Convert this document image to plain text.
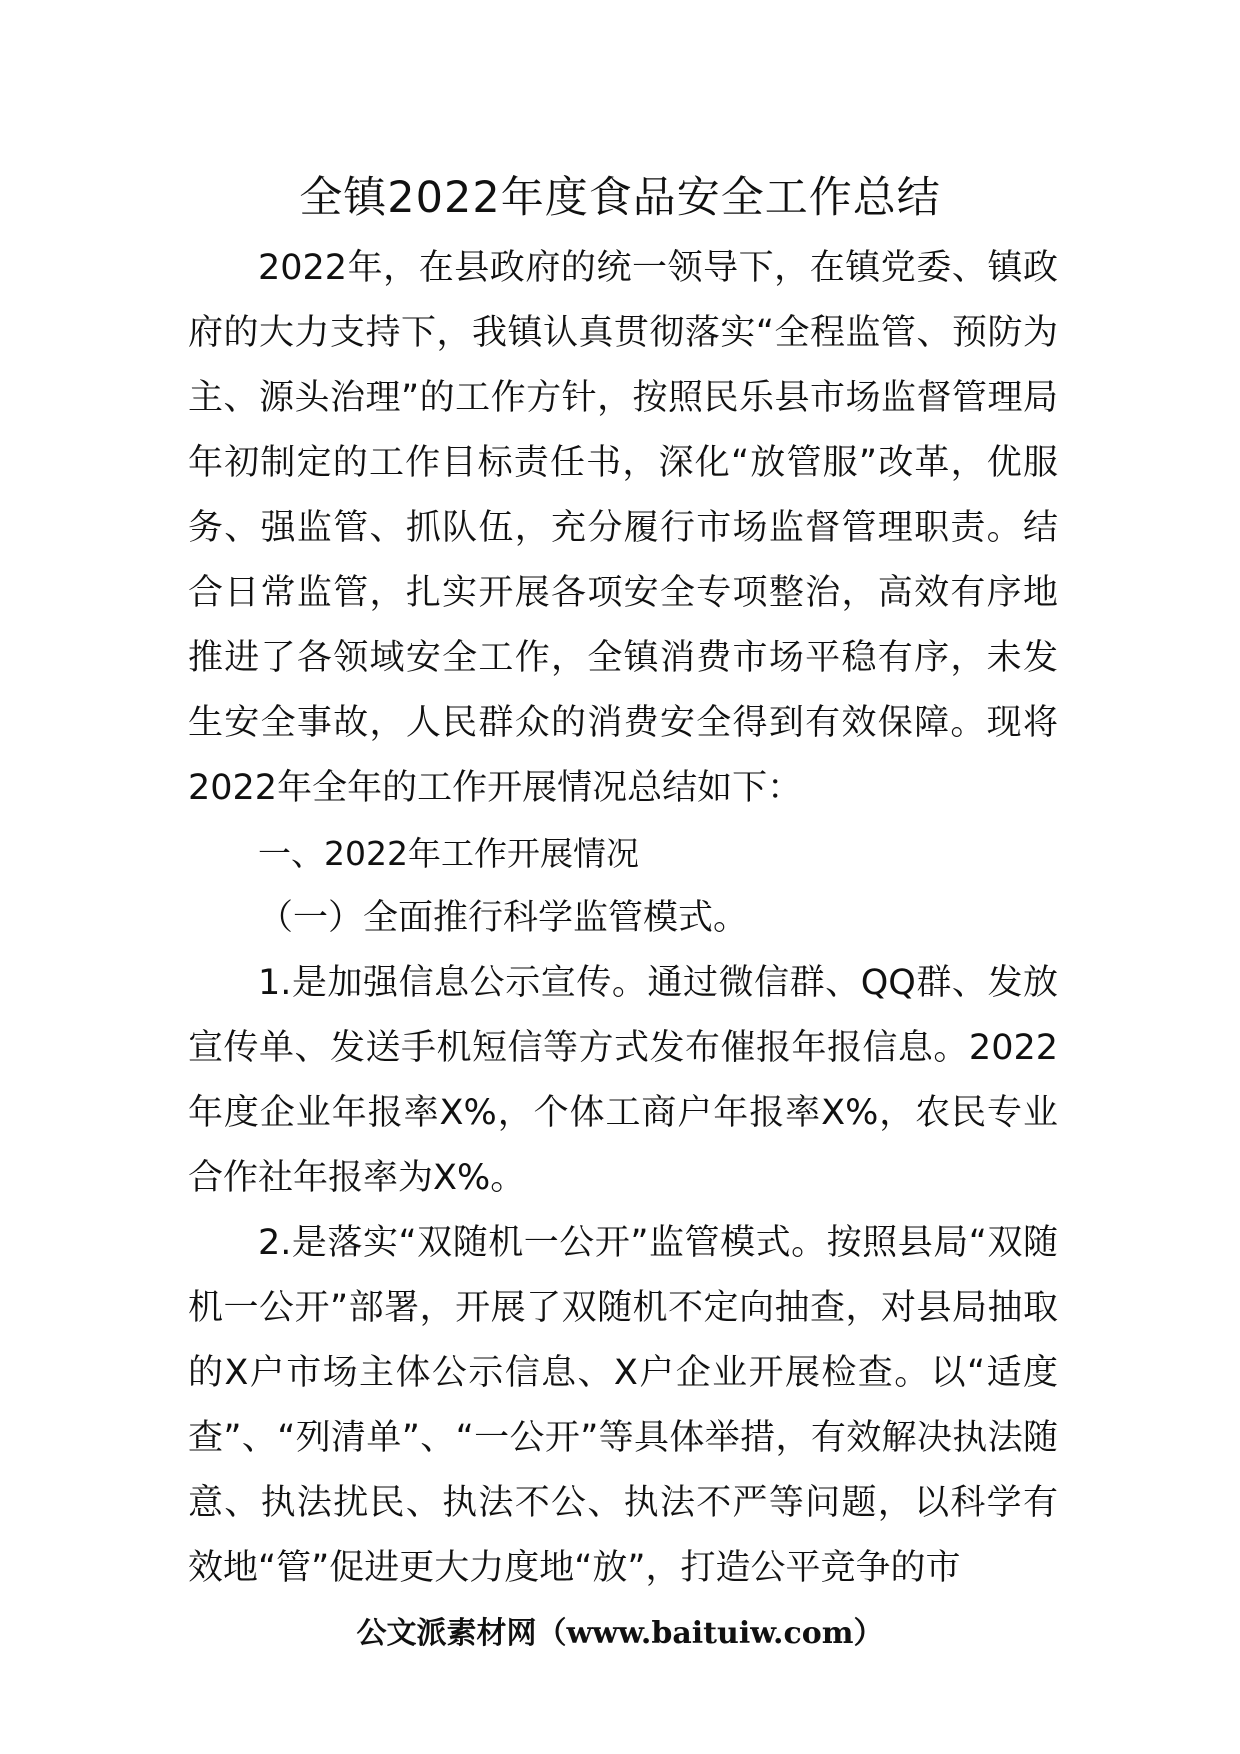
全镇2022年度食品安全工作总结

2022年，在县政府的统一领导下，在镇党委、镇政府的大力支持下，我镇认真贯彻落实“全程监管、预防为主、源头治理”的工作方针，按照民乐县市场监督管理局年初制定的工作目标责任书，深化“放管服”改革，优服务、强监管、抓队伍，充分履行市场监督管理职责。结合日常监管，扎实开展各项安全专项整治，高效有序地推进了各领域安全工作，全镇消费市场平稳有序，未发生安全事故，人民群众的消费安全得到有效保障。现将2022年全年的工作开展情况总结如下：

一、2022年工作开展情况

（一）全面推行科学监管模式。

1.是加强信息公示宣传。通过微信群、QQ群、发放宣传单、发送手机短信等方式发布催报年报信息。2022年度企业年报率X%，个体工商户年报率X%，农民专业合作社年报率为X%。

2.是落实“双随机一公开”监管模式。按照县局“双随机一公开”部署，开展了双随机不定向抽查，对县局抽取的X户市场主体公示信息、X户企业开展检查。以“适度查”、“列清单”、“一公开”等具体举措，有效解决执法随意、执法扰民、执法不公、执法不严等问题，以科学有效地“管”促进更大力度地“放”，打造公平竞争的市

公文派素材网（www.baituiw.com）
